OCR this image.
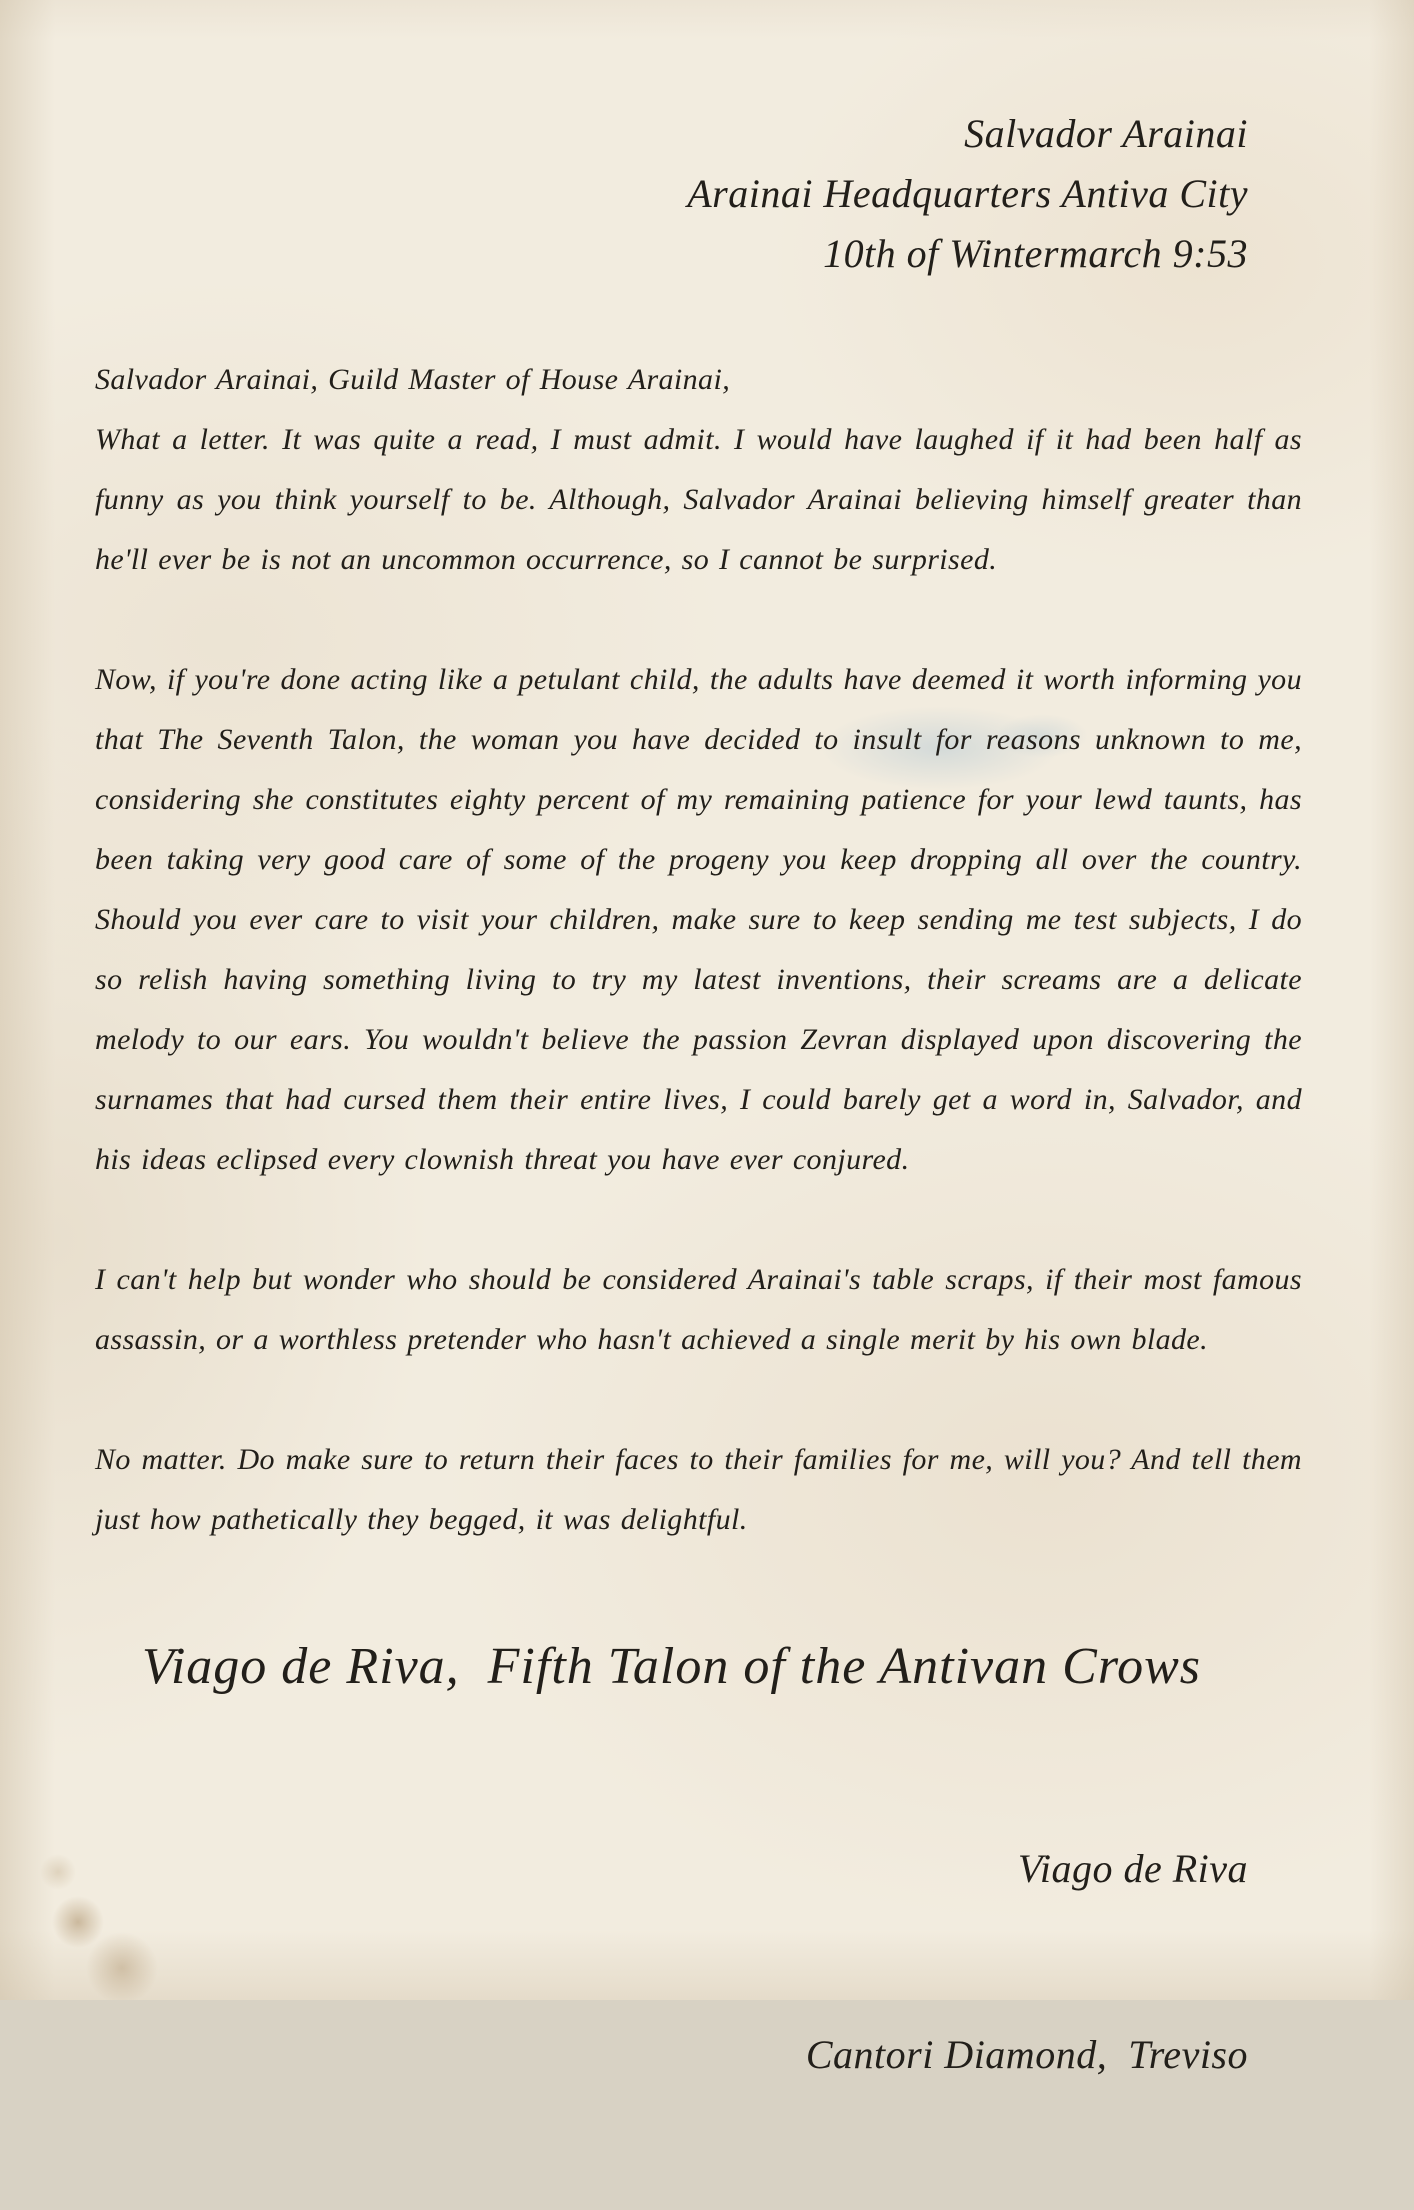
Salvador Arainai
Arainai Headquarters Antiva City
10th of Wintermarch 9:53

Salvador Arainai, Guild Master of House Arainai,

What a letter. It was quite a read, I must admit. I would have laughed if it had been half as funny as you think yourself to be. Although, Salvador Arainai believing himself greater than he'll ever be is not an uncommon occurrence, so I cannot be surprised.

Now, if you're done acting like a petulant child, the adults have deemed it worth informing you that The Seventh Talon, the woman you have decided to insult for reasons unknown to me, considering she constitutes eighty percent of my remaining patience for your lewd taunts, has been taking very good care of some of the progeny you keep dropping all over the country. Should you ever care to visit your children, make sure to keep sending me test subjects, I do so relish having something living to try my latest inventions, their screams are a delicate melody to our ears. You wouldn't believe the passion Zevran displayed upon discovering the surnames that had cursed them their entire lives, I could barely get a word in, Salvador, and his ideas eclipsed every clownish threat you have ever conjured.

I can't help but wonder who should be considered Arainai's table scraps, if their most famous assassin, or a worthless pretender who hasn't achieved a single merit by his own blade.

No matter. Do make sure to return their faces to their families for me, will you? And tell them just how pathetically they begged, it was delightful.

Viago de Riva,  Fifth Talon of the Antivan Crows

Viago de Riva

Cantori Diamond,  Treviso
